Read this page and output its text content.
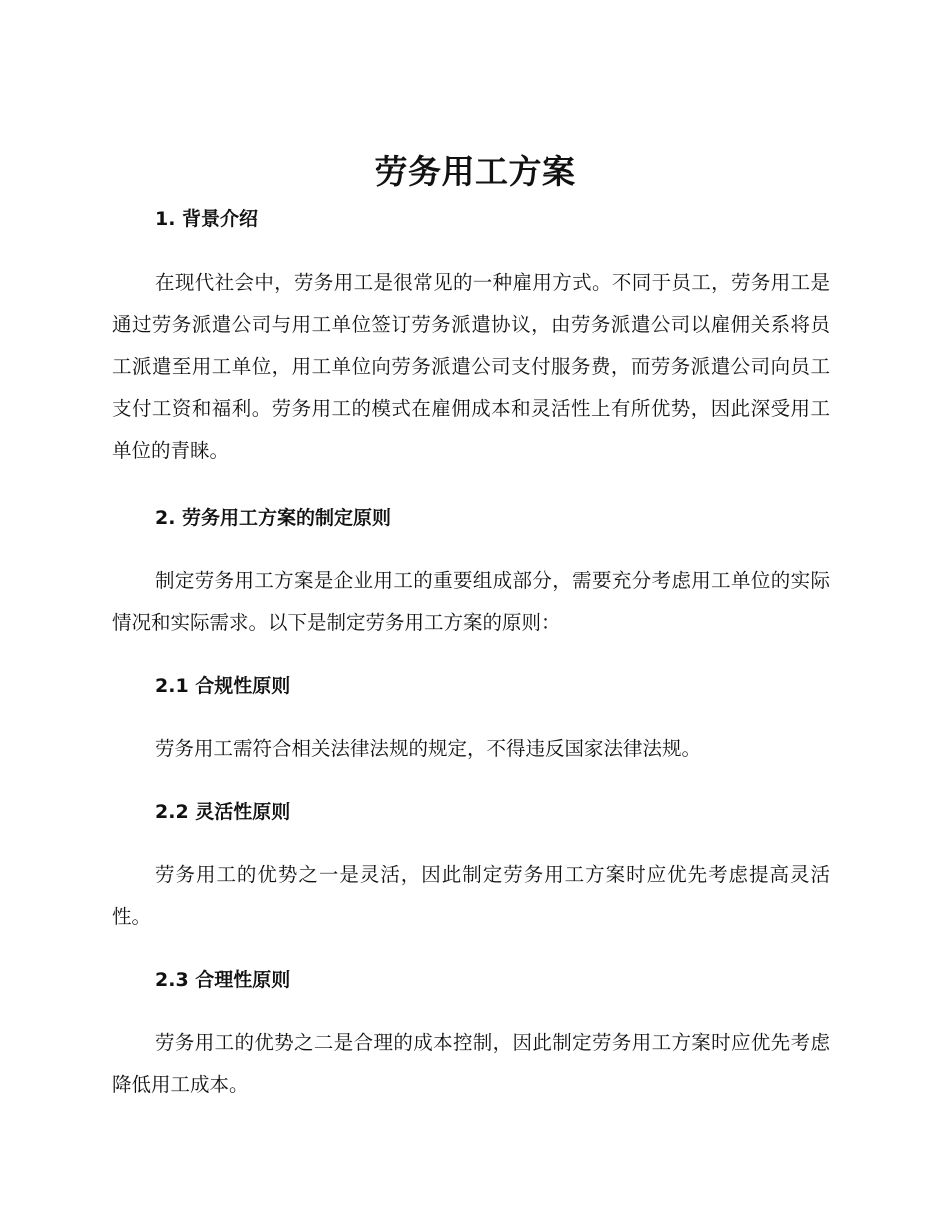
劳务用工方案
1. 背景介绍

在现代社会中，劳务用工是很常见的一种雇用方式。不同于员工，劳务用工是通过劳务派遣公司与用工单位签订劳务派遣协议，由劳务派遣公司以雇佣关系将员工派遣至用工单位，用工单位向劳务派遣公司支付服务费，而劳务派遣公司向员工支付工资和福利。劳务用工的模式在雇佣成本和灵活性上有所优势，因此深受用工单位的青睐。

2. 劳务用工方案的制定原则

制定劳务用工方案是企业用工的重要组成部分，需要充分考虑用工单位的实际情况和实际需求。以下是制定劳务用工方案的原则：

2.1 合规性原则

劳务用工需符合相关法律法规的规定，不得违反国家法律法规。

2.2 灵活性原则

劳务用工的优势之一是灵活，因此制定劳务用工方案时应优先考虑提高灵活性。

2.3 合理性原则

劳务用工的优势之二是合理的成本控制，因此制定劳务用工方案时应优先考虑降低用工成本。
